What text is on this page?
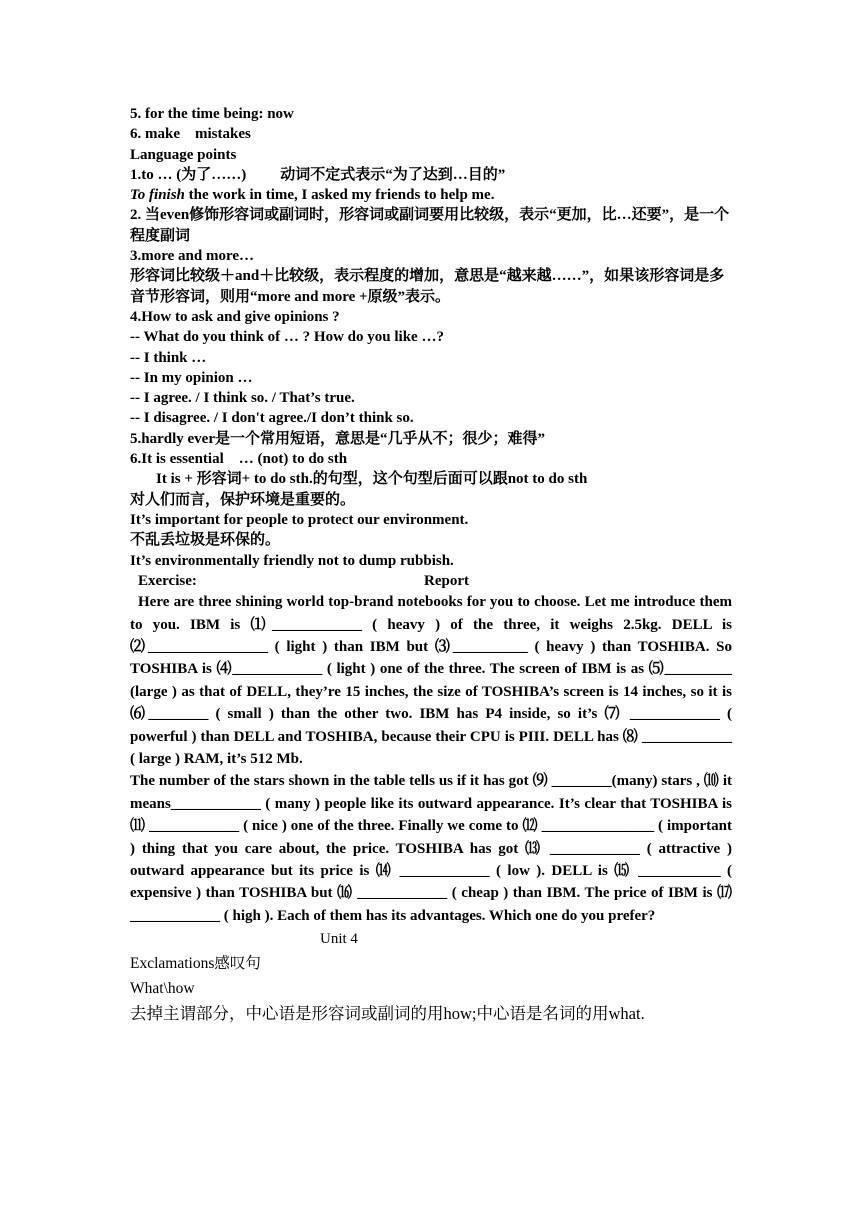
5. for the time being: now
6. make    mistakes
Language points
1.to … (为了……) 动词不定式表示“为了达到…目的”
To finish the work in time, I asked my friends to help me.
2. 当even修饰形容词或副词时，形容词或副词要用比较级，表示“更加，比…还要”，是一个程度副词
3.more and more…
形容词比较级＋and＋比较级，表示程度的增加，意思是“越来越……”，如果该形容词是多音节形容词，则用“more and more +原级”表示。
4.How to ask and give opinions ?
-- What do you think of … ? How do you like …?
-- I think …
-- In my opinion …
-- I agree. / I think so. / That’s true.
-- I disagree. / I don't agree./I don’t think so.
5.hardly ever是一个常用短语，意思是“几乎从不；很少；难得”
6.It is essential    … (not) to do sth
It is + 形容词+ to do sth.的句型，这个句型后面可以跟not to do sth
对人们而言，保护环境是重要的。
It’s important for people to protect our environment.
不乱丢垃圾是环保的。
It’s environmentally friendly not to dump rubbish.
Exercise:	Report

Here are three shining world top-brand notebooks for you to choose. Let me introduce them to you. IBM is ⑴____________ ( heavy ) of the three, it weighs 2.5kg. DELL is ⑵________________ ( light ) than IBM but ⑶__________ ( heavy ) than TOSHIBA. So TOSHIBA is ⑷____________ ( light ) one of the three. The screen of IBM is as ⑸_________ (large ) as that of DELL, they’re 15 inches, the size of TOSHIBA’s screen is 14 inches, so it is ⑹________ ( small ) than the other two. IBM has P4 inside, so it’s ⑺ ____________ ( powerful ) than DELL and TOSHIBA, because their CPU is PIII. DELL has ⑻ ____________ ( large ) RAM, it’s 512 Mb.

The number of the stars shown in the table tells us if it has got ⑼ ________(many) stars , ⑽ it means____________ ( many ) people like its outward appearance. It’s clear that TOSHIBA is ⑾ ____________ ( nice ) one of the three. Finally we come to ⑿ _______________ ( important ) thing that you care about, the price. TOSHIBA has got ⒀ ____________ ( attractive ) outward appearance but its price is ⒁ ____________ ( low ). DELL is ⒂ ___________ ( expensive ) than TOSHIBA but ⒃ ____________ ( cheap ) than IBM. The price of IBM is ⒄ ____________ ( high ). Each of them has its advantages. Which one do you prefer?

Unit 4
Exclamations感叹句
What\how
去掉主谓部分，中心语是形容词或副词的用how;中心语是名词的用what.
